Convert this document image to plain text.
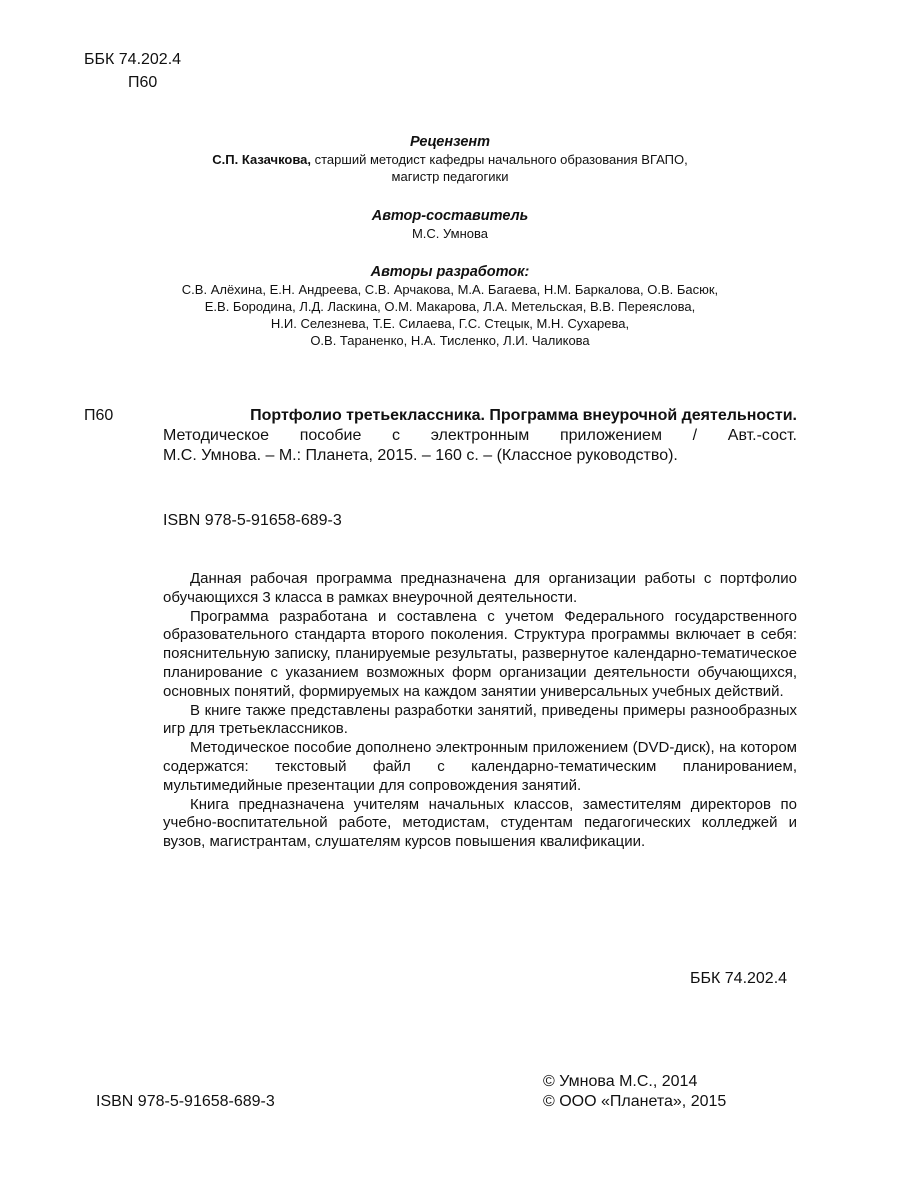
ББК 74.202.4
П60
Рецензент
С.П. Казачкова, старший методист кафедры начального образования ВГАПО,
магистр педагогики
Автор-составитель
М.С. Умнова
Авторы разработок:
С.В. Алёхина, Е.Н. Андреева, С.В. Арчакова, М.А. Багаева, Н.М. Баркалова, О.В. Басюк,
Е.В. Бородина, Л.Д. Ласкина, О.М. Макарова, Л.А. Метельская, В.В. Переяслова,
Н.И. Селезнева, Т.Е. Силаева, Г.С. Стецык, М.Н. Сухарева,
О.В. Тараненко, Н.А. Тисленко, Л.И. Чаликова
П60	Портфолио третьеклассника. Программа внеурочной деятельности.
Методическое пособие с электронным приложением / Авт.-сост.
М.С. Умнова. – М.: Планета, 2015. – 160 с. – (Классное руководство).
ISBN 978-5-91658-689-3

Данная рабочая программа предназначена для организации работы с портфолио обучающихся 3 класса в рамках внеурочной деятельности.

Программа разработана и составлена с учетом Федерального государственного образовательного стандарта второго поколения. Структура программы включает в себя: пояснительную записку, планируемые результаты, развернутое календарно-тематическое планирование с указанием возможных форм организации деятельности обучающихся, основных понятий, формируемых на каждом занятии универсальных учебных действий.

В книге также представлены разработки занятий, приведены примеры разнообразных игр для третьеклассников.

Методическое пособие дополнено электронным приложением (DVD-диск), на котором содержатся: текстовый файл с календарно-тематическим планированием, мультимедийные презентации для сопровождения занятий.

Книга предназначена учителям начальных классов, заместителям директоров по учебно-воспитательной работе, методистам, студентам педагогических колледжей и вузов, магистрантам, слушателям курсов повышения квалификации.

ББК 74.202.4
© Умнова М.С., 2014
© ООО «Планета», 2015
ISBN 978-5-91658-689-3
